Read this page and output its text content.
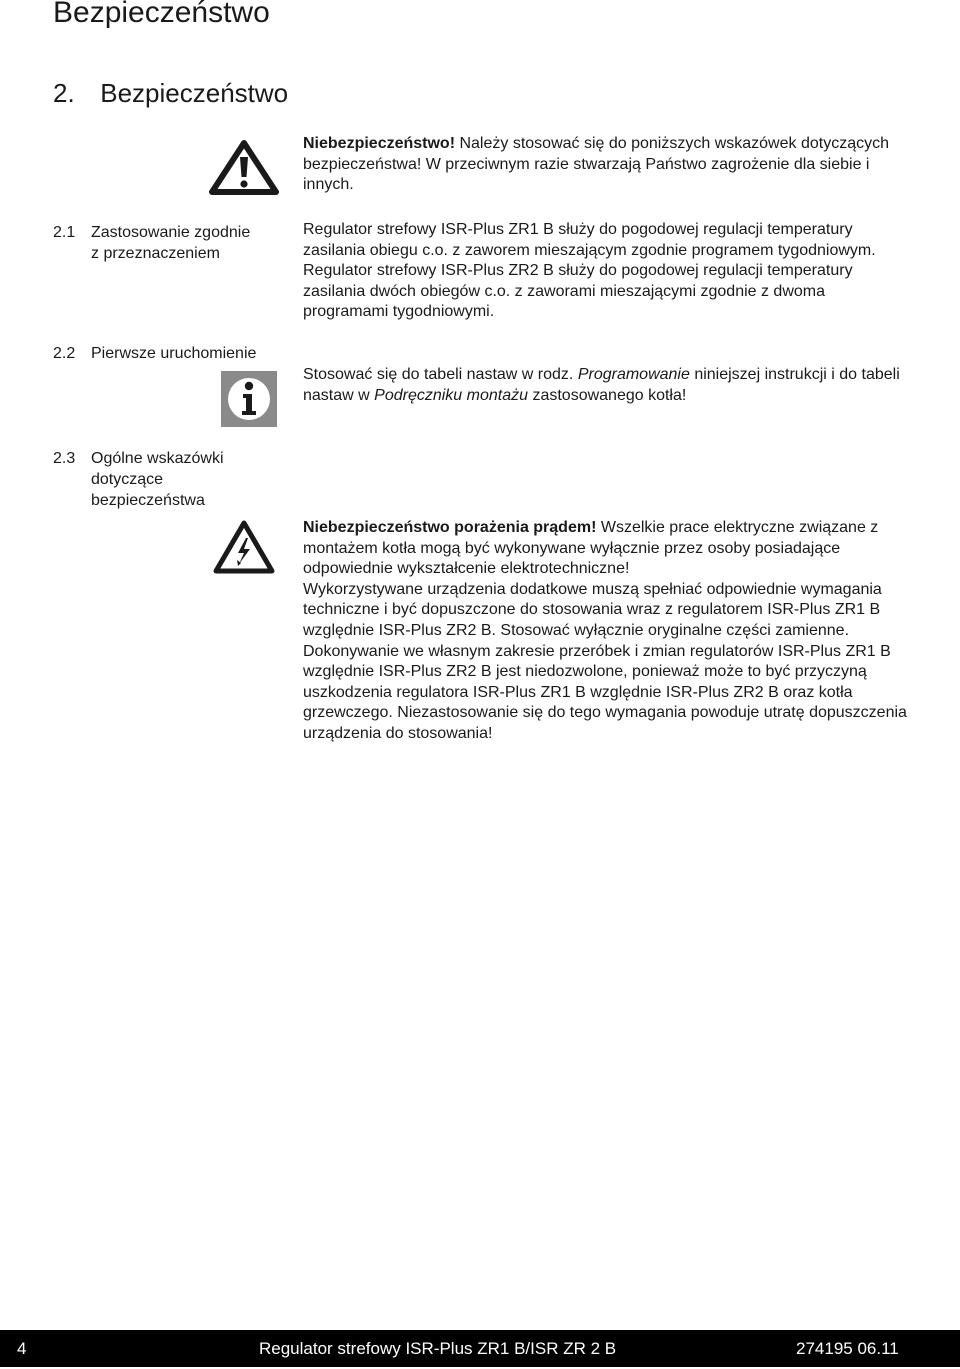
Bezpieczeństwo
2. Bezpieczeństwo

Niebezpieczeństwo! Należy stosować się do poniższych wskazówek dotyczących bezpieczeństwa! W przeciwnym razie stwarzają Państwo zagrożenie dla siebie i innych.

2.1 Zastosowanie zgodnie
z przeznaczeniem

Regulator strefowy ISR-Plus ZR1 B służy do pogodowej regulacji temperatury zasilania obiegu c.o. z zaworem mieszającym zgodnie programem tygodniowym.

Regulator strefowy ISR-Plus ZR2 B służy do pogodowej regulacji temperatury zasilania dwóch obiegów c.o. z zaworami mieszającymi zgodnie z dwoma programami tygodniowymi.

2.2 Pierwsze uruchomienie

Stosować się do tabeli nastaw w rodz. Programowanie niniejszej instrukcji i do tabeli nastaw w Podręczniku montażu zastosowanego kotła!

2.3 Ogólne wskazówki
dotyczące
bezpieczeństwa

Niebezpieczeństwo porażenia prądem! Wszelkie prace elektryczne związane z montażem kotła mogą być wykonywane wyłącznie przez osoby posiadające odpowiednie wykształcenie elektrotechniczne!

Wykorzystywane urządzenia dodatkowe muszą spełniać odpowiednie wymagania techniczne i być dopuszczone do stosowania wraz z regulatorem ISR-Plus ZR1 B względnie ISR-Plus ZR2 B. Stosować wyłącznie oryginalne części zamienne.

Dokonywanie we własnym zakresie przeróbek i zmian regulatorów ISR-Plus ZR1 B względnie ISR-Plus ZR2 B jest niedozwolone, ponieważ może to być przyczyną uszkodzenia regulatora ISR-Plus ZR1 B względnie ISR-Plus ZR2 B oraz kotła grzewczego. Niezastosowanie się do tego wymagania powoduje utratę dopuszczenia urządzenia do stosowania!

4	Regulator strefowy ISR-Plus ZR1 B/ISR ZR 2 B	274195 06.11
